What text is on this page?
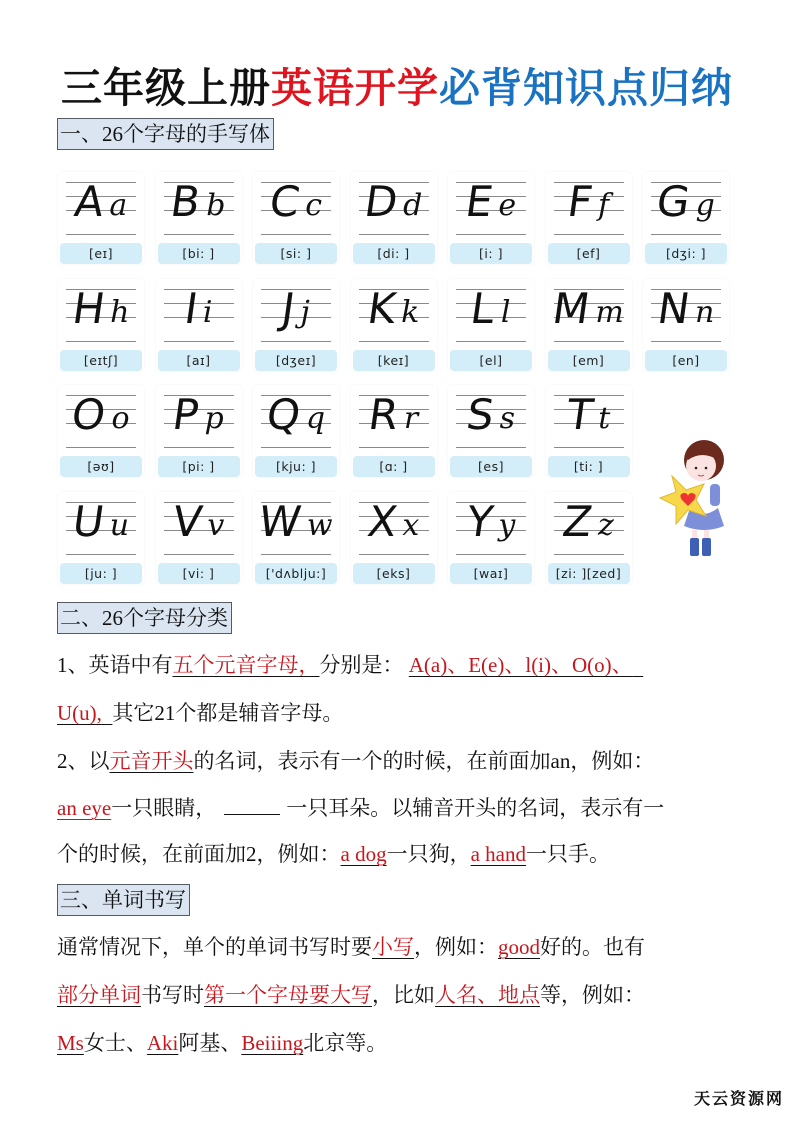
三年级上册英语开学必背知识点归纳
一、26个字母的手写体
A a
[eɪ]
B b
[bi: ]
C c
[si: ]
D d
[di: ]
E e
[i: ]
F f
[ef]
G g
[dʒi: ]
H h
[eɪtʃ]
I i
[aɪ]
J j
[dʒeɪ]
K k
[keɪ]
L l
[el]
M m
[em]
N n
[en]
O o
[əʊ]
P p
[pi: ]
Q q
[kju: ]
R r
[ɑ: ]
S s
[es]
T t
[ti: ]
U u
[ju: ]
V v
[vi: ]
W w
['dʌblju:]
X x
[eks]
Y y
[waɪ]
Z z
[zi: ][zed]
二、26个字母分类
1、英语中有五个元音字母，分别是： A(a)、E(e)、l(i)、O(o)、
U(u), 其它21个都是辅音字母。
2、以元音开头的名词，表示有一个的时候，在前面加an，例如：
an eye一只眼睛，	一只耳朵。以辅音开头的名词，表示有一
个的时候，在前面加2，例如：a dog一只狗，a hand一只手。
三、单词书写
通常情况下，单个的单词书写时要小写，例如：good好的。也有
部分单词书写时第一个字母要大写，比如人名、地点等，例如：
Ms女士、Aki阿基、Beiiing北京等。
天云资源网
